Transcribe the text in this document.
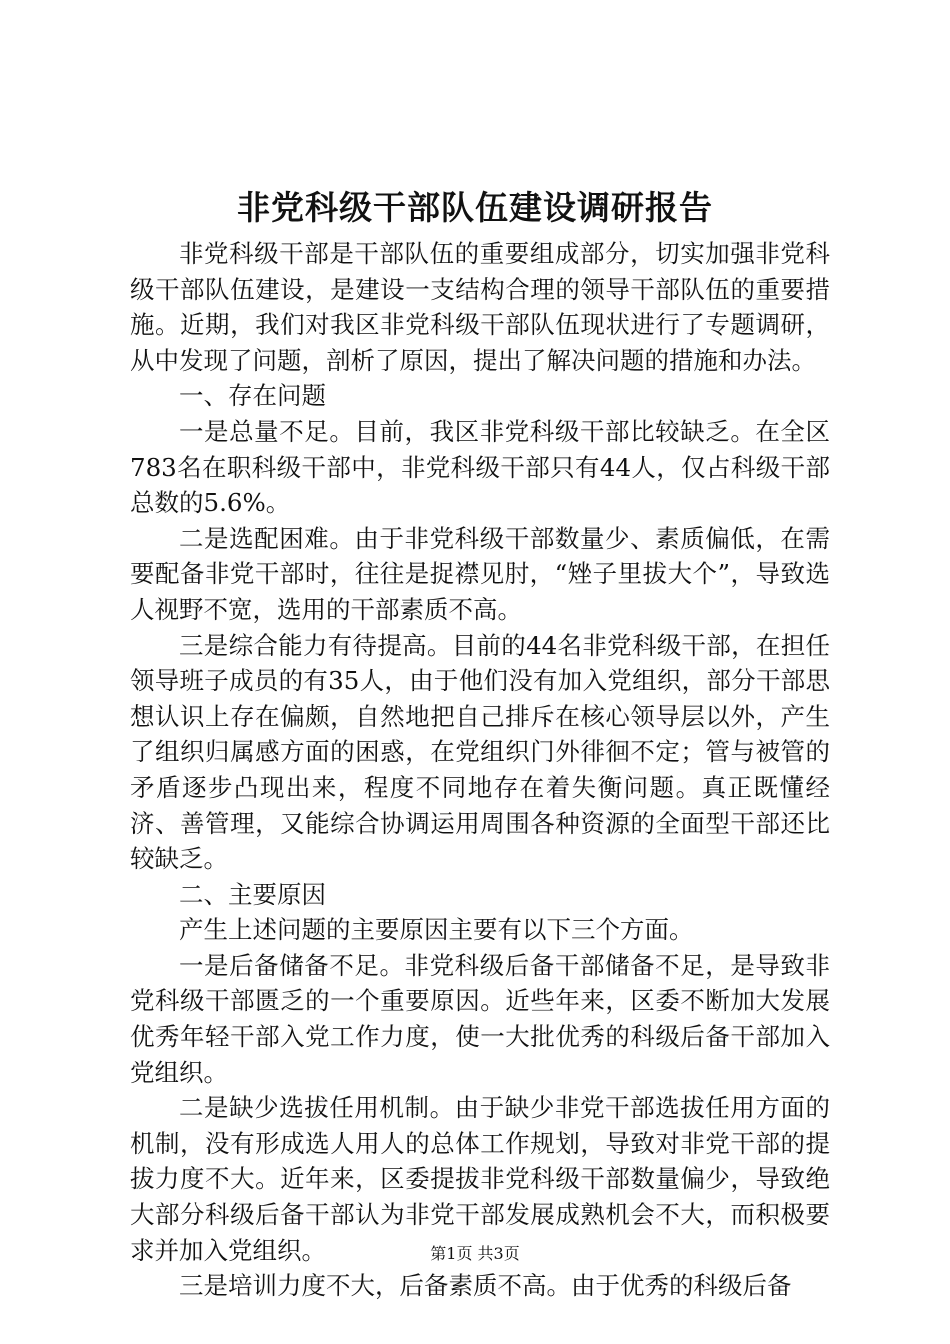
非党科级干部队伍建设调研报告

非党科级干部是干部队伍的重要组成部分，切实加强非党科级干部队伍建设，是建设一支结构合理的领导干部队伍的重要措施。近期，我们对我区非党科级干部队伍现状进行了专题调研，从中发现了问题，剖析了原因，提出了解决问题的措施和办法。

一、存在问题

一是总量不足。目前，我区非党科级干部比较缺乏。在全区783名在职科级干部中，非党科级干部只有44人，仅占科级干部总数的5.6%。

二是选配困难。由于非党科级干部数量少、素质偏低，在需要配备非党干部时，往往是捉襟见肘，“矬子里拔大个”，导致选人视野不宽，选用的干部素质不高。

三是综合能力有待提高。目前的44名非党科级干部，在担任领导班子成员的有35人，由于他们没有加入党组织，部分干部思想认识上存在偏颇，自然地把自己排斥在核心领导层以外，产生了组织归属感方面的困惑，在党组织门外徘徊不定；管与被管的矛盾逐步凸现出来，程度不同地存在着失衡问题。真正既懂经济、善管理，又能综合协调运用周围各种资源的全面型干部还比较缺乏。

二、主要原因

产生上述问题的主要原因主要有以下三个方面。

一是后备储备不足。非党科级后备干部储备不足，是导致非党科级干部匮乏的一个重要原因。近些年来，区委不断加大发展优秀年轻干部入党工作力度，使一大批优秀的科级后备干部加入党组织。

二是缺少选拔任用机制。由于缺少非党干部选拔任用方面的机制，没有形成选人用人的总体工作规划，导致对非党干部的提拔力度不大。近年来，区委提拔非党科级干部数量偏少，导致绝大部分科级后备干部认为非党干部发展成熟机会不大，而积极要求并加入党组织。

三是培训力度不大，后备素质不高。由于优秀的科级后备

第1页 共3页
